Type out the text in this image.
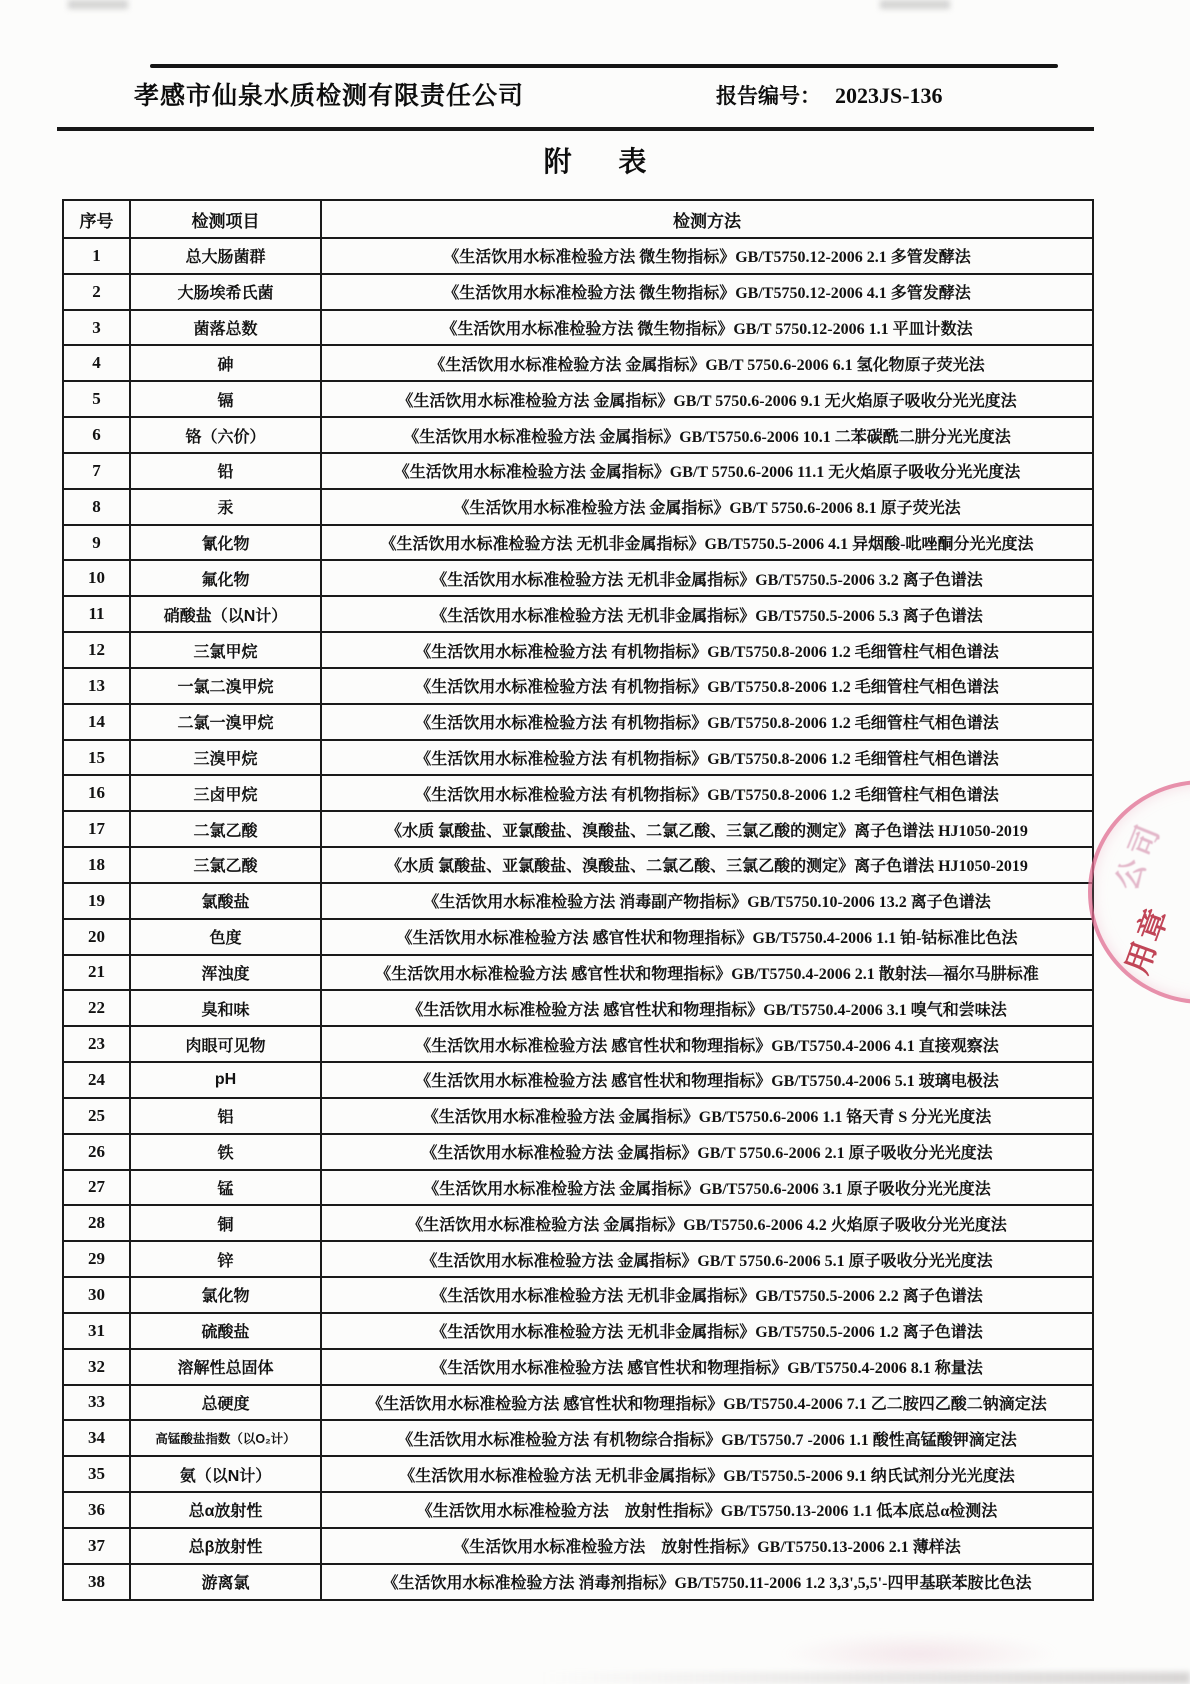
孝感市仙泉水质检测有限责任公司	报告编号： 2023JS-136
附      表
序号	检测项目	检测方法
1	总大肠菌群	《生活饮用水标准检验方法 微生物指标》GB/T5750.12-2006 2.1 多管发酵法
2	大肠埃希氏菌	《生活饮用水标准检验方法 微生物指标》GB/T5750.12-2006 4.1 多管发酵法
3	菌落总数	《生活饮用水标准检验方法 微生物指标》GB/T 5750.12-2006 1.1 平皿计数法
4	砷	《生活饮用水标准检验方法 金属指标》GB/T 5750.6-2006 6.1 氢化物原子荧光法
5	镉	《生活饮用水标准检验方法 金属指标》GB/T 5750.6-2006 9.1 无火焰原子吸收分光光度法
6	铬（六价）	《生活饮用水标准检验方法 金属指标》GB/T5750.6-2006 10.1 二苯碳酰二肼分光光度法
7	铅	《生活饮用水标准检验方法 金属指标》GB/T 5750.6-2006 11.1 无火焰原子吸收分光光度法
8	汞	《生活饮用水标准检验方法 金属指标》GB/T 5750.6-2006 8.1 原子荧光法
9	氰化物	《生活饮用水标准检验方法 无机非金属指标》GB/T5750.5-2006 4.1 异烟酸-吡唑酮分光光度法
10	氟化物	《生活饮用水标准检验方法 无机非金属指标》GB/T5750.5-2006 3.2 离子色谱法
11	硝酸盐（以N计）	《生活饮用水标准检验方法 无机非金属指标》GB/T5750.5-2006 5.3 离子色谱法
12	三氯甲烷	《生活饮用水标准检验方法 有机物指标》GB/T5750.8-2006 1.2 毛细管柱气相色谱法
13	一氯二溴甲烷	《生活饮用水标准检验方法 有机物指标》GB/T5750.8-2006 1.2 毛细管柱气相色谱法
14	二氯一溴甲烷	《生活饮用水标准检验方法 有机物指标》GB/T5750.8-2006 1.2 毛细管柱气相色谱法
15	三溴甲烷	《生活饮用水标准检验方法 有机物指标》GB/T5750.8-2006 1.2 毛细管柱气相色谱法
16	三卤甲烷	《生活饮用水标准检验方法 有机物指标》GB/T5750.8-2006 1.2 毛细管柱气相色谱法
17	二氯乙酸	《水质 氯酸盐、亚氯酸盐、溴酸盐、二氯乙酸、三氯乙酸的测定》离子色谱法 HJ1050-2019
18	三氯乙酸	《水质 氯酸盐、亚氯酸盐、溴酸盐、二氯乙酸、三氯乙酸的测定》离子色谱法 HJ1050-2019
19	氯酸盐	《生活饮用水标准检验方法 消毒副产物指标》GB/T5750.10-2006 13.2 离子色谱法
20	色度	《生活饮用水标准检验方法 感官性状和物理指标》GB/T5750.4-2006 1.1 铂-钴标准比色法
21	浑浊度	《生活饮用水标准检验方法 感官性状和物理指标》GB/T5750.4-2006 2.1 散射法—福尔马肼标准
22	臭和味	《生活饮用水标准检验方法 感官性状和物理指标》GB/T5750.4-2006 3.1 嗅气和尝味法
23	肉眼可见物	《生活饮用水标准检验方法 感官性状和物理指标》GB/T5750.4-2006 4.1 直接观察法
24	pH	《生活饮用水标准检验方法 感官性状和物理指标》GB/T5750.4-2006 5.1 玻璃电极法
25	铝	《生活饮用水标准检验方法 金属指标》GB/T5750.6-2006 1.1 铬天青 S 分光光度法
26	铁	《生活饮用水标准检验方法 金属指标》GB/T 5750.6-2006 2.1 原子吸收分光光度法
27	锰	《生活饮用水标准检验方法 金属指标》GB/T5750.6-2006 3.1 原子吸收分光光度法
28	铜	《生活饮用水标准检验方法 金属指标》GB/T5750.6-2006 4.2 火焰原子吸收分光光度法
29	锌	《生活饮用水标准检验方法 金属指标》GB/T 5750.6-2006 5.1 原子吸收分光光度法
30	氯化物	《生活饮用水标准检验方法 无机非金属指标》GB/T5750.5-2006 2.2 离子色谱法
31	硫酸盐	《生活饮用水标准检验方法 无机非金属指标》GB/T5750.5-2006 1.2 离子色谱法
32	溶解性总固体	《生活饮用水标准检验方法 感官性状和物理指标》GB/T5750.4-2006 8.1 称量法
33	总硬度	《生活饮用水标准检验方法 感官性状和物理指标》GB/T5750.4-2006 7.1 乙二胺四乙酸二钠滴定法
34	高锰酸盐指数（以O₂计）	《生活饮用水标准检验方法 有机物综合指标》GB/T5750.7 -2006 1.1 酸性高锰酸钾滴定法
35	氨（以N计）	《生活饮用水标准检验方法 无机非金属指标》GB/T5750.5-2006 9.1 纳氏试剂分光光度法
36	总α放射性	《生活饮用水标准检验方法　放射性指标》GB/T5750.13-2006 1.1 低本底总α检测法
37	总β放射性	《生活饮用水标准检验方法　放射性指标》GB/T5750.13-2006 2.1 薄样法
38	游离氯	《生活饮用水标准检验方法 消毒剂指标》GB/T5750.11-2006 1.2 3,3',5,5'-四甲基联苯胺比色法
公司
用章
